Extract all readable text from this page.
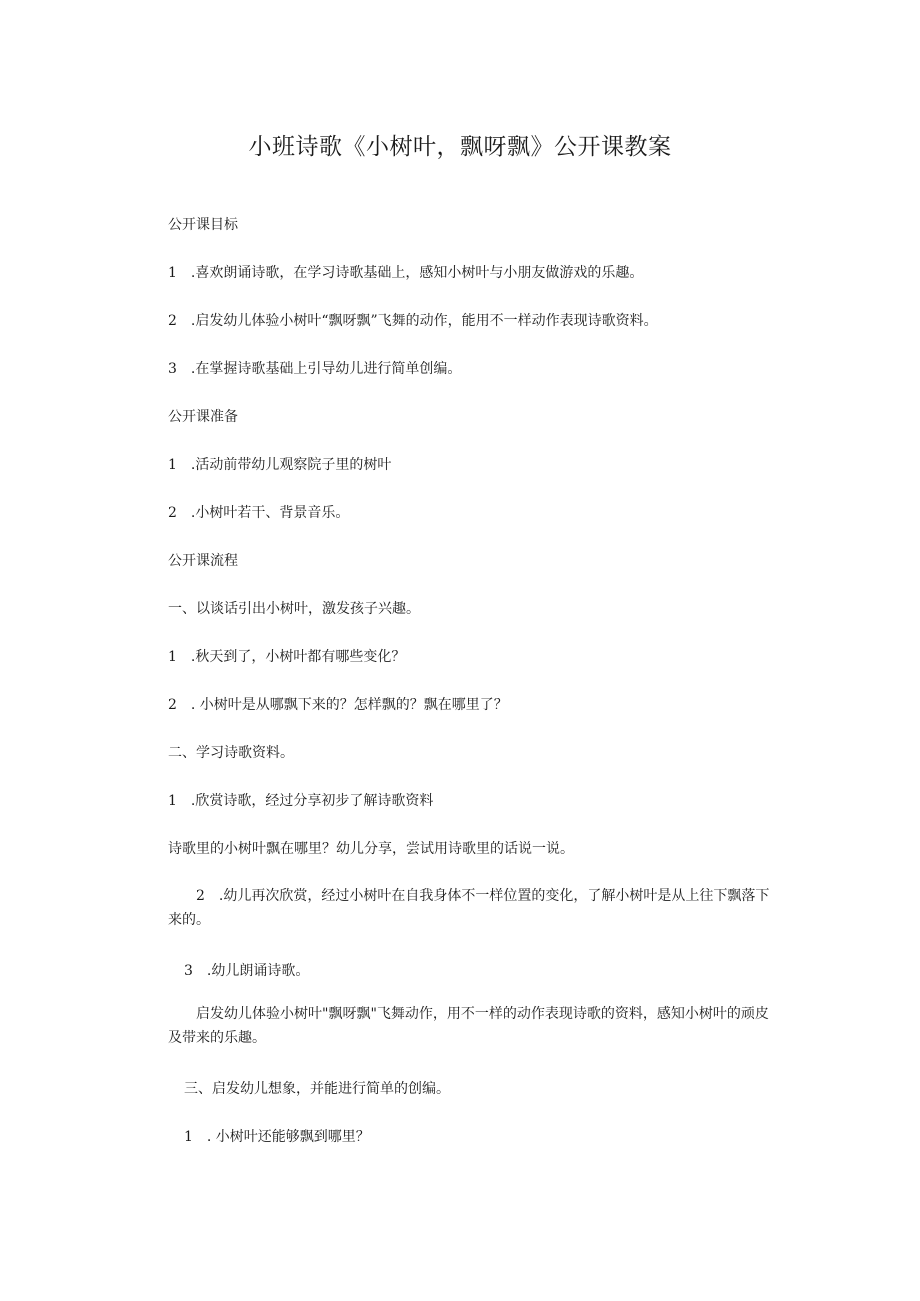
小班诗歌《小树叶，飘呀飘》公开课教案
公开课目标
1　.喜欢朗诵诗歌，在学习诗歌基础上，感知小树叶与小朋友做游戏的乐趣。
2　.启发幼儿体验小树叶“飘呀飘”飞舞的动作，能用不一样动作表现诗歌资料。
3　.在掌握诗歌基础上引导幼儿进行简单创编。
公开课准备
1　.活动前带幼儿观察院子里的树叶
2　.小树叶若干、背景音乐。
公开课流程
一、以谈话引出小树叶，激发孩子兴趣。
1　.秋天到了，小树叶都有哪些变化？
2　. 小树叶是从哪飘下来的？怎样飘的？飘在哪里了？
二、学习诗歌资料。
1　.欣赏诗歌，经过分享初步了解诗歌资料
诗歌里的小树叶飘在哪里？幼儿分享，尝试用诗歌里的话说一说。
2　.幼儿再次欣赏，经过小树叶在自我身体不一样位置的变化，了解小树叶是从上往下飘落下来的。
3　.幼儿朗诵诗歌。
启发幼儿体验小树叶"飘呀飘"飞舞动作，用不一样的动作表现诗歌的资料，感知小树叶的顽皮及带来的乐趣。
三、启发幼儿想象，并能进行简单的创编。
1　. 小树叶还能够飘到哪里？
